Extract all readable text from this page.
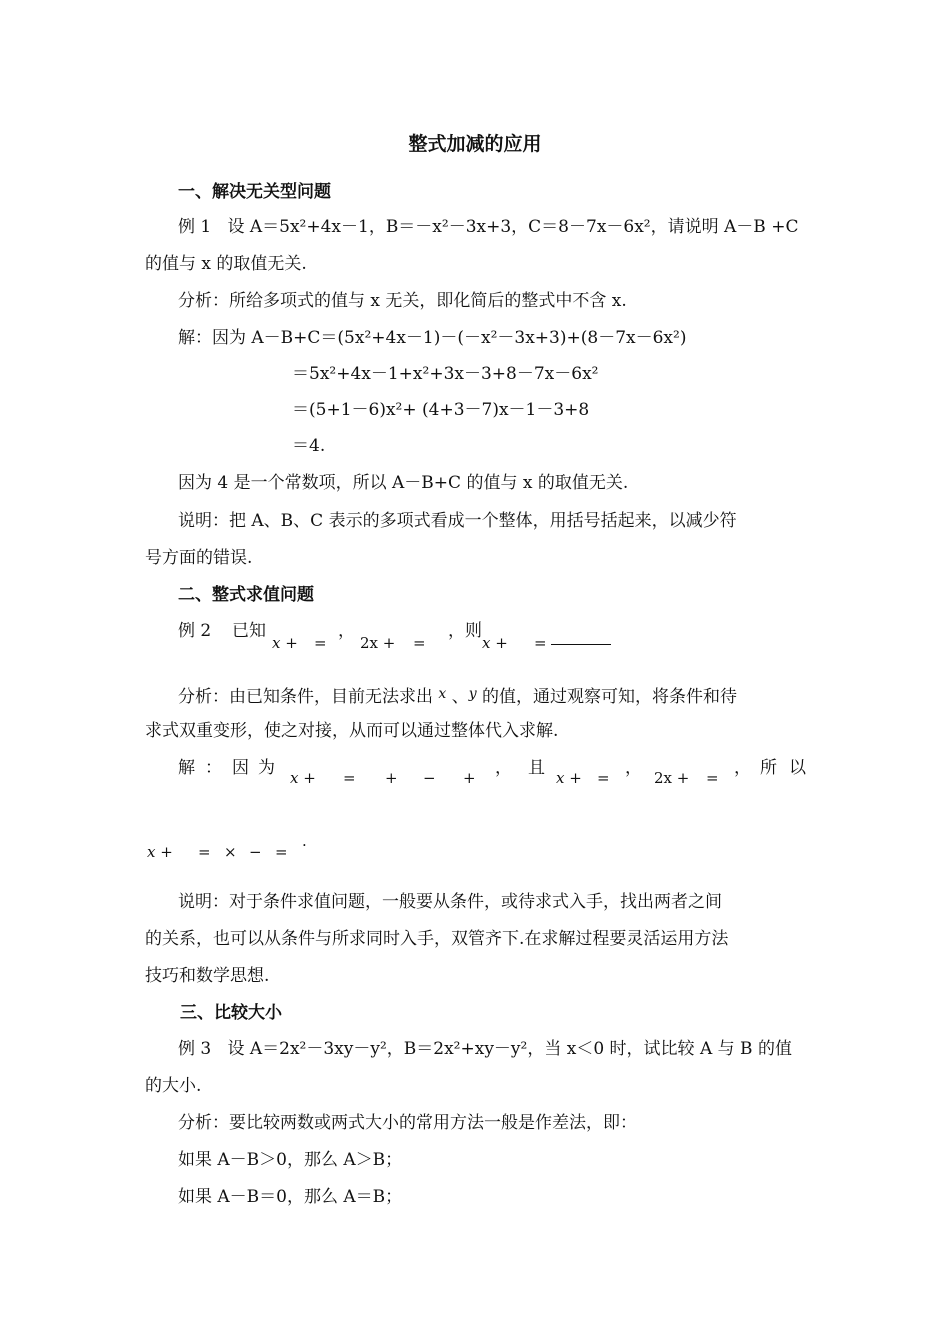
整式加减的应用
一、解决无关型问题
例 1 设 A＝5x²+4x－1，B＝－x²－3x+3，C＝8－7x－6x²，请说明 A－B +C
的值与 x 的取值无关.
分析：所给多项式的值与 x 无关，即化简后的整式中不含 x.
解：因为 A－B+C＝(5x²+4x－1)－(－x²－3x+3)+(8－7x－6x²)
＝5x²+4x－1+x²+3x－3+8－7x－6x²
＝(5+1－6)x²+ (4+3－7)x－1－3+8
＝4.
因为 4 是一个常数项，所以 A－B+C 的值与 x 的取值无关.
说明：把 A、B、C 表示的多项式看成一个整体，用括号括起来，以减少符
号方面的错误.
二、整式求值问题
例 2 已知
x + =
，
2x + =
，则
x + =
分析：由已知条件，目前无法求出 $^x$ 、$^y$ 的值，通过观察可知，将条件和待
求式双重变形，使之对接，从而可以通过整体代入求解.
解 ： 因 为 x + = + − + ， 且 x + = ， 2x + = ， 所 以
x + = × − = ·
说明：对于条件求值问题，一般要从条件，或待求式入手，找出两者之间
的关系，也可以从条件与所求同时入手，双管齐下.在求解过程要灵活运用方法
技巧和数学思想.
三、比较大小
例 3 设 A＝2x²－3xy－y²，B＝2x²+xy－y²，当 x＜0 时，试比较 A 与 B 的值
的大小.
分析：要比较两数或两式大小的常用方法一般是作差法，即：
如果 A－B＞0，那么 A＞B；
如果 A－B＝0，那么 A＝B；
